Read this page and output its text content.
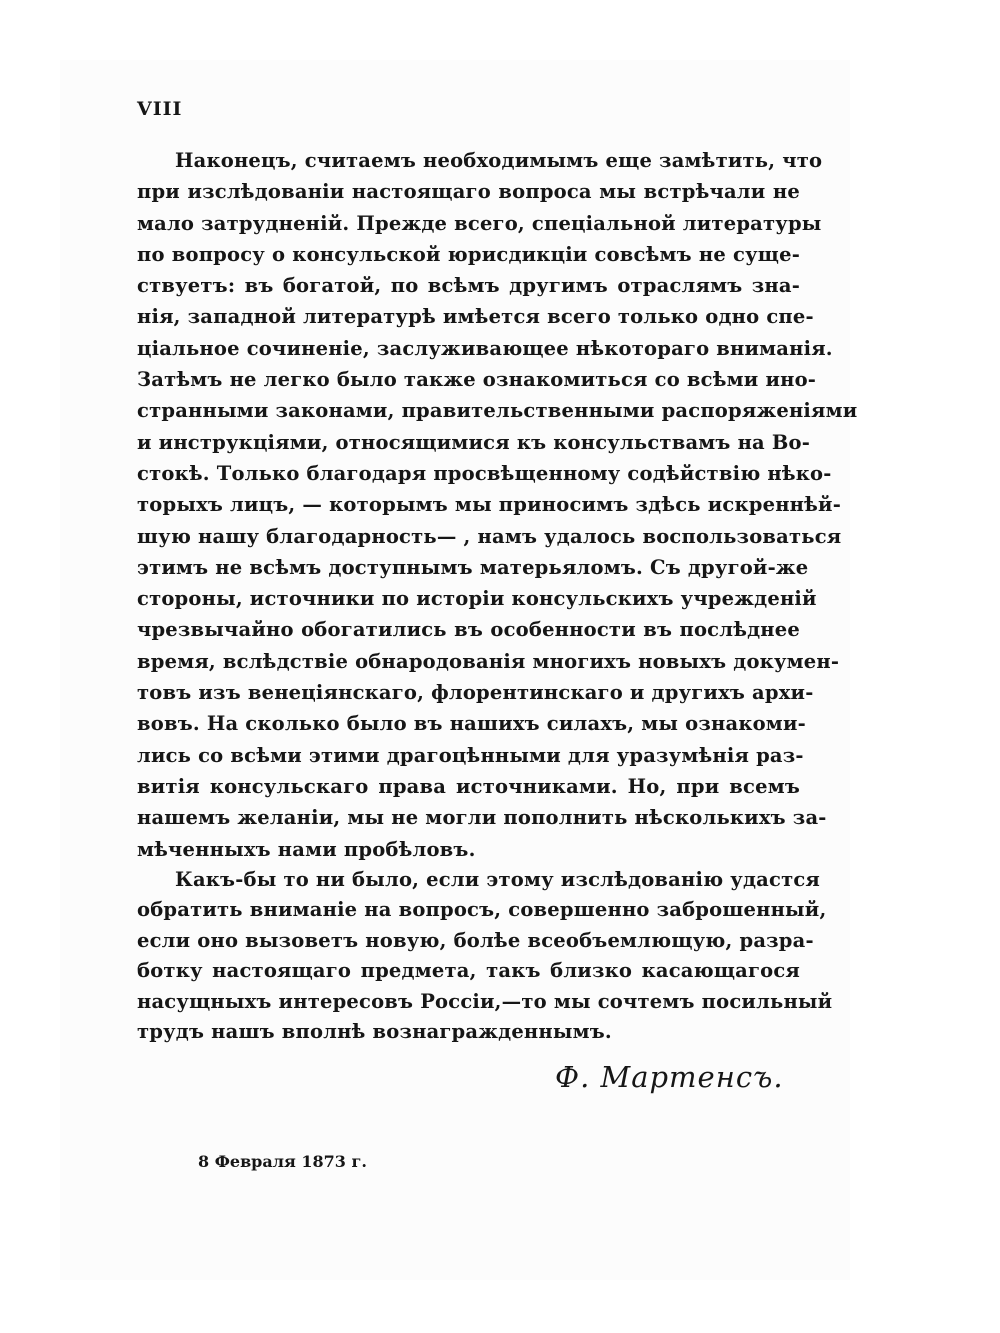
VIII
Наконецъ, считаемъ необходимымъ еще замѣтить, что
при изслѣдованіи настоящаго вопроса мы встрѣчали не
мало затрудненій. Прежде всего, спеціальной литературы
по вопросу о консульской юрисдикціи совсѣмъ не суще-
ствуетъ: въ богатой, по всѣмъ другимъ отраслямъ зна-
нія, западной литературѣ имѣется всего только одно спе-
ціальное сочиненіе, заслуживающее нѣкотораго вниманія.
Затѣмъ не легко было также ознакомиться со всѣми ино-
странными законами, правительственными распоряженіями
и инструкціями, относящимися къ консульствамъ на Во-
стокѣ. Только благодаря просвѣщенному содѣйствію нѣко-
торыхъ лицъ, — которымъ мы приносимъ здѣсь искреннѣй-
шую нашу благодарность— , намъ удалось воспользоваться
этимъ не всѣмъ доступнымъ матерьяломъ. Съ другой-же
стороны, источники по исторіи консульскихъ учрежденій
чрезвычайно обогатились въ особенности въ послѣднее
время, вслѣдствіе обнародованія многихъ новыхъ докумен-
товъ изъ венеціянскаго, флорентинскаго и другихъ архи-
вовъ. На сколько было въ нашихъ силахъ, мы ознакоми-
лись со всѣми этими драгоцѣнными для уразумѣнія раз-
витія консульскаго права источниками. Но, при всемъ
нашемъ желаніи, мы не могли пополнить нѣсколькихъ за-
мѣченныхъ нами пробѣловъ.
Какъ-бы то ни было, если этому изслѣдованію удастся
обратить вниманіе на вопросъ, совершенно заброшенный,
если оно вызоветъ новую, болѣе всеобъемлющую, разра-
ботку настоящаго предмета, такъ близко касающагося
насущныхъ интересовъ Россіи,—то мы сочтемъ посильный
трудъ нашъ вполнѣ вознагражденнымъ.
Ф. Мартенсъ.
8 Февраля 1873 г.
